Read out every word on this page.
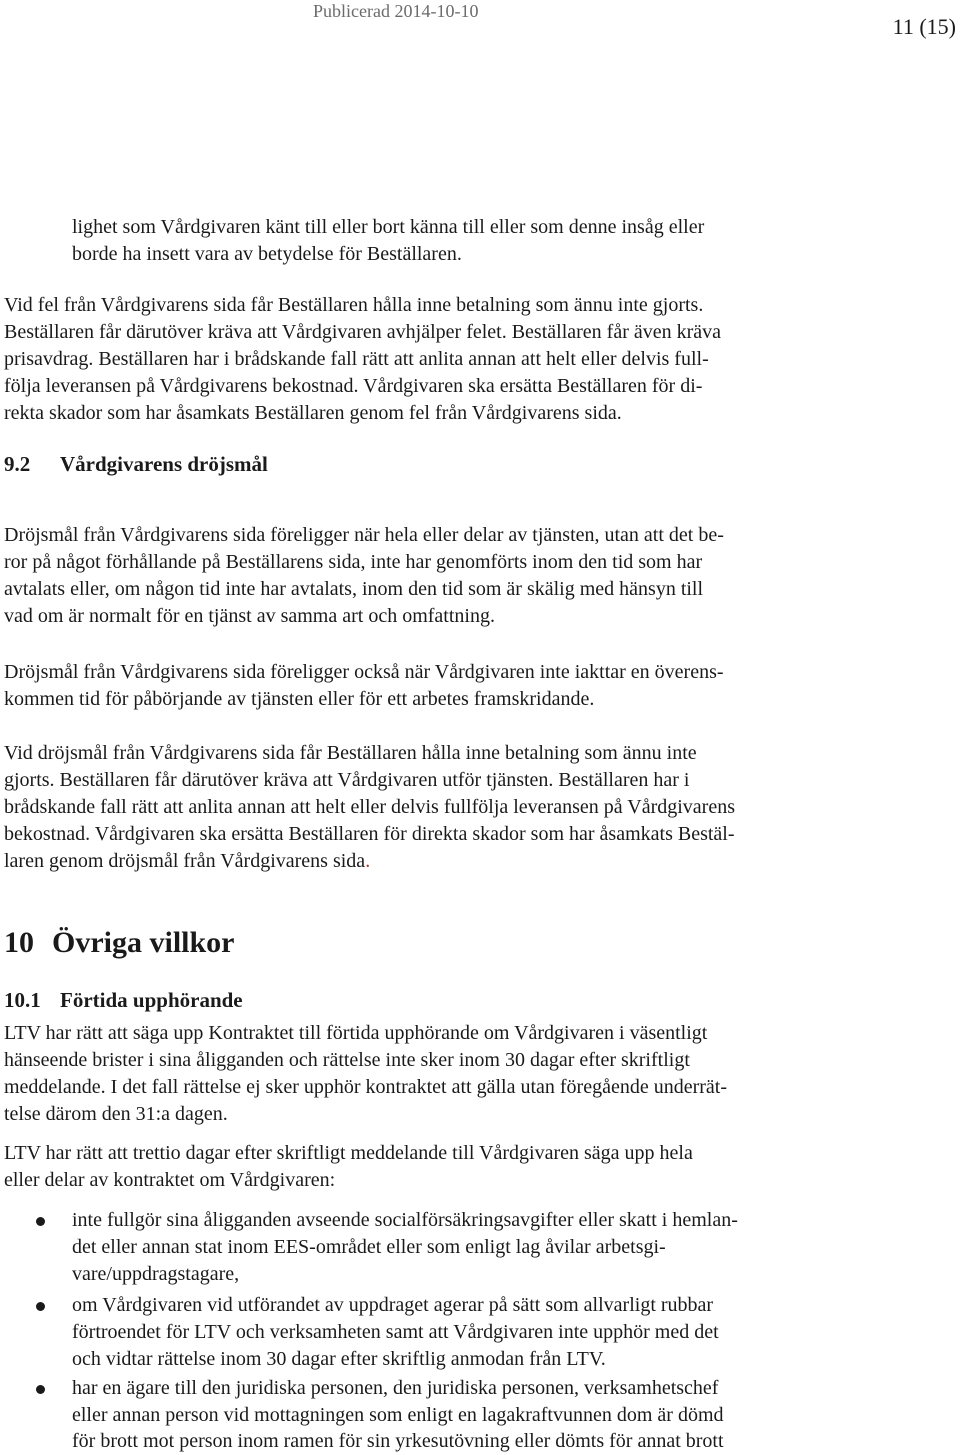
Publicerad 2014-10-10
11 (15)
lighet som Vårdgivaren känt till eller bort känna till eller som denne insåg eller
borde ha insett vara av betydelse för Beställaren.
Vid fel från Vårdgivarens sida får Beställaren hålla inne betalning som ännu inte gjorts.
Beställaren får därutöver kräva att Vårdgivaren avhjälper felet. Beställaren får även kräva
prisavdrag. Beställaren har i brådskande fall rätt att anlita annan att helt eller delvis full-
följa leveransen på Vårdgivarens bekostnad. Vårdgivaren ska ersätta Beställaren för di-
rekta skador som har åsamkats Beställaren genom fel från Vårdgivarens sida.
9.2 Vårdgivarens dröjsmål
Dröjsmål från Vårdgivarens sida föreligger när hela eller delar av tjänsten, utan att det be-
ror på något förhållande på Beställarens sida, inte har genomförts inom den tid som har
avtalats eller, om någon tid inte har avtalats, inom den tid som är skälig med hänsyn till
vad om är normalt för en tjänst av samma art och omfattning.
Dröjsmål från Vårdgivarens sida föreligger också när Vårdgivaren inte iakttar en överens-
kommen tid för påbörjande av tjänsten eller för ett arbetes framskridande.
Vid dröjsmål från Vårdgivarens sida får Beställaren hålla inne betalning som ännu inte
gjorts. Beställaren får därutöver kräva att Vårdgivaren utför tjänsten. Beställaren har i
brådskande fall rätt att anlita annan att helt eller delvis fullfölja leveransen på Vårdgivarens
bekostnad. Vårdgivaren ska ersätta Beställaren för direkta skador som har åsamkats Bestäl-
laren genom dröjsmål från Vårdgivarens sida.
10 Övriga villkor
10.1 Förtida upphörande
LTV har rätt att säga upp Kontraktet till förtida upphörande om Vårdgivaren i väsentligt
hänseende brister i sina åligganden och rättelse inte sker inom 30 dagar efter skriftligt
meddelande. I det fall rättelse ej sker upphör kontraktet att gälla utan föregående underrät-
telse därom den 31:a dagen.
LTV har rätt att trettio dagar efter skriftligt meddelande till Vårdgivaren säga upp hela
eller delar av kontraktet om Vårdgivaren:
inte fullgör sina åligganden avseende socialförsäkringsavgifter eller skatt i hemlan-
det eller annan stat inom EES-området eller som enligt lag åvilar arbetsgi-
vare/uppdragstagare,
om Vårdgivaren vid utförandet av uppdraget agerar på sätt som allvarligt rubbar
förtroendet för LTV och verksamheten samt att Vårdgivaren inte upphör med det
och vidtar rättelse inom 30 dagar efter skriftlig anmodan från LTV.
har en ägare till den juridiska personen, den juridiska personen, verksamhetschef
eller annan person vid mottagningen som enligt en lagakraftvunnen dom är dömd
för brott mot person inom ramen för sin yrkesutövning eller dömts för annat brott
